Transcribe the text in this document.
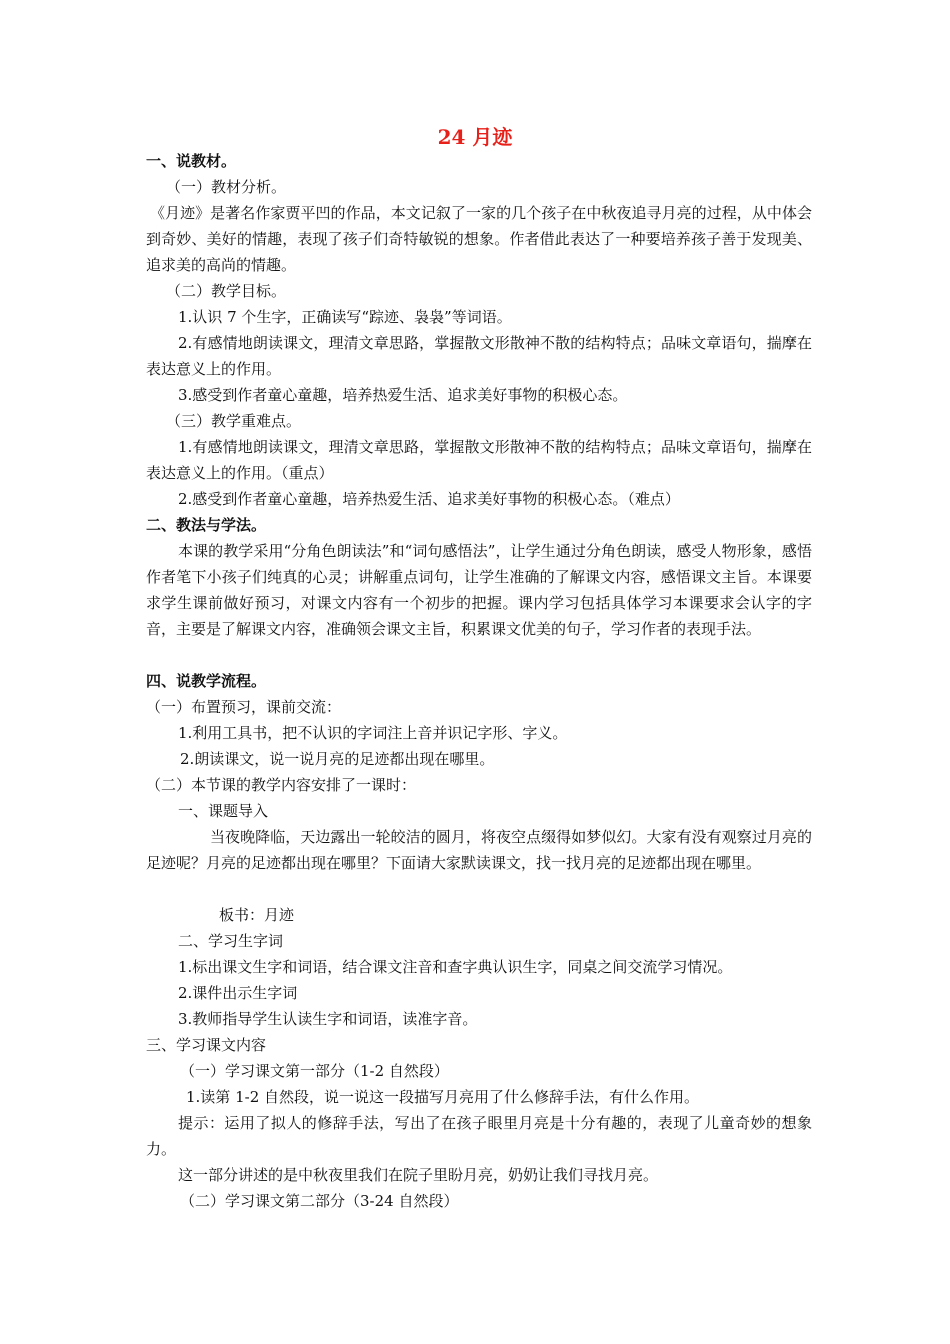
24 月迹
一、说教材。
（一）教材分析。
《月迹》是著名作家贾平凹的作品，本文记叙了一家的几个孩子在中秋夜追寻月亮的过程，从中体会到奇妙、美好的情趣，表现了孩子们奇特敏锐的想象。作者借此表达了一种要培养孩子善于发现美、追求美的高尚的情趣。
（二）教学目标。
1.认识 7 个生字，正确读写“踪迹、袅袅”等词语。
2.有感情地朗读课文，理清文章思路，掌握散文形散神不散的结构特点；品味文章语句，揣摩在表达意义上的作用。
3.感受到作者童心童趣，培养热爱生活、追求美好事物的积极心态。
（三）教学重难点。
1.有感情地朗读课文，理清文章思路，掌握散文形散神不散的结构特点；品味文章语句，揣摩在表达意义上的作用。（重点）
2.感受到作者童心童趣，培养热爱生活、追求美好事物的积极心态。（难点）
二、教法与学法。
本课的教学采用“分角色朗读法”和“词句感悟法”，让学生通过分角色朗读，感受人物形象，感悟作者笔下小孩子们纯真的心灵；讲解重点词句，让学生准确的了解课文内容，感悟课文主旨。本课要求学生课前做好预习，对课文内容有一个初步的把握。课内学习包括具体学习本课要求会认字的字音，主要是了解课文内容，准确领会课文主旨，积累课文优美的句子，学习作者的表现手法。
四、说教学流程。
（一）布置预习，课前交流：
1.利用工具书，把不认识的字词注上音并识记字形、字义。
2.朗读课文，说一说月亮的足迹都出现在哪里。
（二）本节课的教学内容安排了一课时：
一、课题导入
当夜晚降临，天边露出一轮皎洁的圆月，将夜空点缀得如梦似幻。大家有没有观察过月亮的足迹呢？月亮的足迹都出现在哪里？下面请大家默读课文，找一找月亮的足迹都出现在哪里。
板书：月迹
二、学习生字词
1.标出课文生字和词语，结合课文注音和查字典认识生字，同桌之间交流学习情况。
2.课件出示生字词
3.教师指导学生认读生字和词语，读准字音。
三、学习课文内容
（一）学习课文第一部分（1-2 自然段）
1.读第 1-2 自然段，说一说这一段描写月亮用了什么修辞手法，有什么作用。
提示：运用了拟人的修辞手法，写出了在孩子眼里月亮是十分有趣的，表现了儿童奇妙的想象力。
这一部分讲述的是中秋夜里我们在院子里盼月亮，奶奶让我们寻找月亮。
（二）学习课文第二部分（3-24 自然段）
